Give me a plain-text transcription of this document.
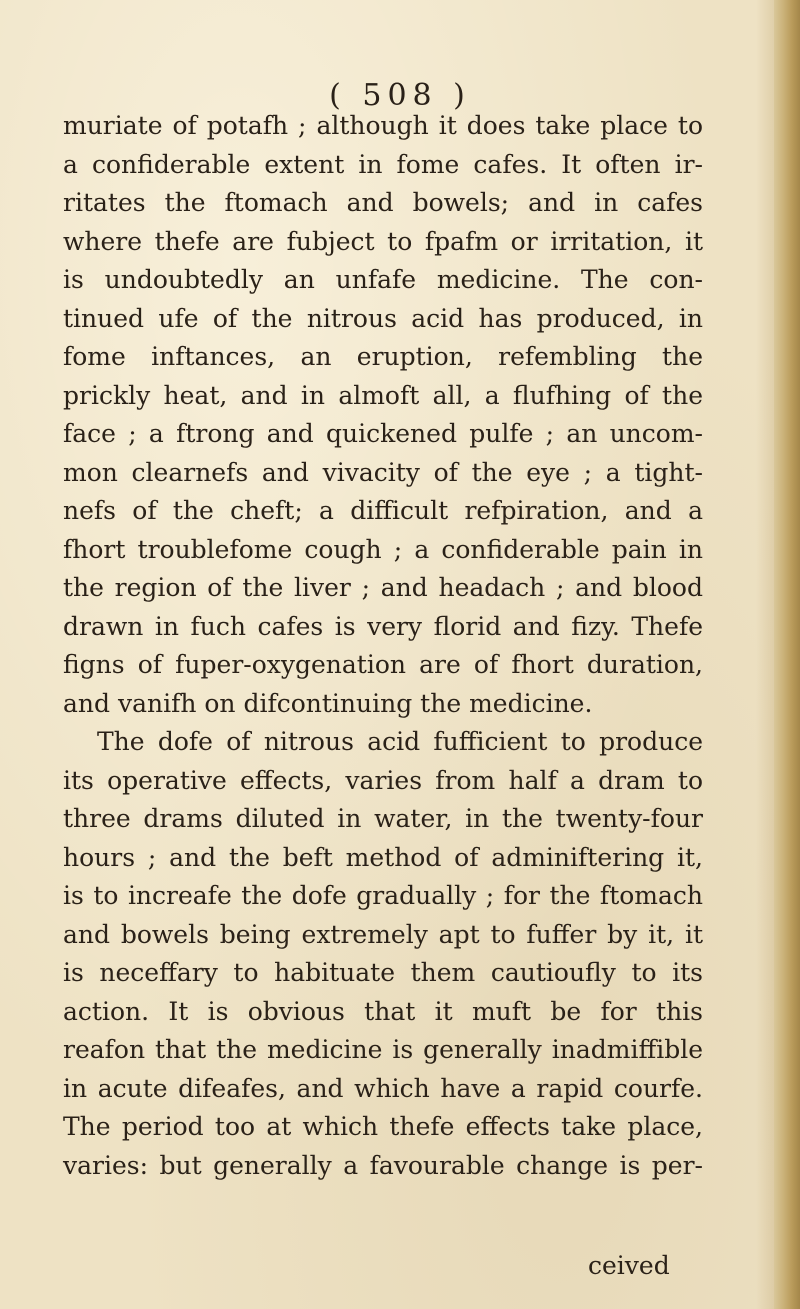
( 508 )
muriate of potafh ; although it does take place to
a confiderable extent in fome cafes. It often ir-
ritates the ftomach and bowels; and in cafes
where thefe are fubject to fpafm or irritation, it
is undoubtedly an unfafe medicine. The con-
tinued ufe of the nitrous acid has produced, in
fome inftances, an eruption, refembling the
prickly heat, and in almoft all, a flufhing of the
face ; a ftrong and quickened pulfe ; an uncom-
mon clearnefs and vivacity of the eye ; a tight-
nefs of the cheft; a difficult refpiration, and a
fhort troublefome cough ; a confiderable pain in
the region of the liver ; and headach ; and blood
drawn in fuch cafes is very florid and fizy. Thefe
figns of fuper-oxygenation are of fhort duration,
and vanifh on difcontinuing the medicine.
The dofe of nitrous acid fufficient to produce
its operative effects, varies from half a dram to
three drams diluted in water, in the twenty-four
hours ; and the beft method of adminiftering it,
is to increafe the dofe gradually ; for the ftomach
and bowels being extremely apt to fuffer by it, it
is neceffary to habituate them cautioufly to its
action. It is obvious that it muft be for this
reafon that the medicine is generally inadmiffible
in acute difeafes, and which have a rapid courfe.
The period too at which thefe effects take place,
varies: but generally a favourable change is per-
ceived
